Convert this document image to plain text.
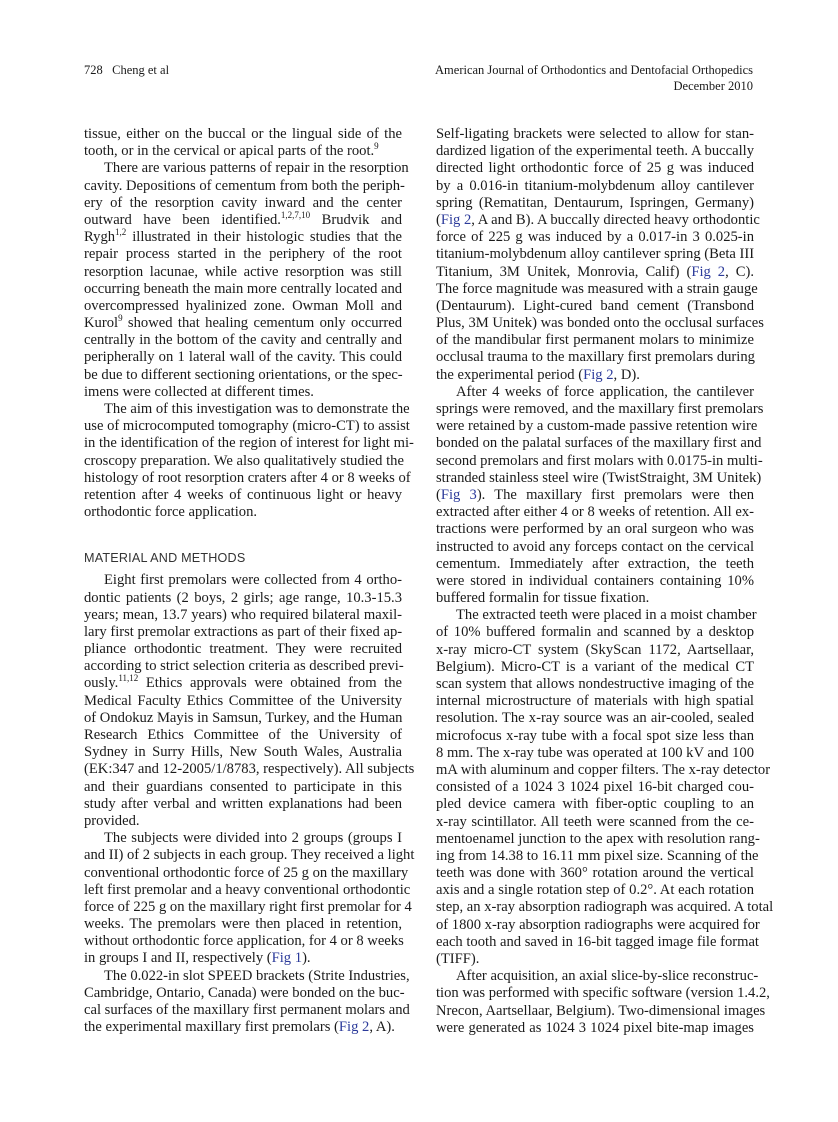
728 Cheng et al	American Journal of Orthodontics and Dentofacial Orthopedics
December 2010
tissue, either on the buccal or the lingual side of the
tooth, or in the cervical or apical parts of the root.$^9$
There are various patterns of repair in the resorption
cavity. Depositions of cementum from both the periph-
ery of the resorption cavity inward and the center
outward have been identified.$^{1,2,7,10}$ Brudvik and
Rygh$^{1,2}$ illustrated in their histologic studies that the
repair process started in the periphery of the root
resorption lacunae, while active resorption was still
occurring beneath the main more centrally located and
overcompressed hyalinized zone. Owman Moll and
Kurol$^9$ showed that healing cementum only occurred
centrally in the bottom of the cavity and centrally and
peripherally on 1 lateral wall of the cavity. This could
be due to different sectioning orientations, or the spec-
imens were collected at different times.
The aim of this investigation was to demonstrate the
use of microcomputed tomography (micro-CT) to assist
in the identification of the region of interest for light mi-
croscopy preparation. We also qualitatively studied the
histology of root resorption craters after 4 or 8 weeks of
retention after 4 weeks of continuous light or heavy
orthodontic force application.
MATERIAL AND METHODS
Eight first premolars were collected from 4 ortho-
dontic patients (2 boys, 2 girls; age range, 10.3-15.3
years; mean, 13.7 years) who required bilateral maxil-
lary first premolar extractions as part of their fixed ap-
pliance orthodontic treatment. They were recruited
according to strict selection criteria as described previ-
ously.$^{11,12}$ Ethics approvals were obtained from the
Medical Faculty Ethics Committee of the University
of Ondokuz Mayis in Samsun, Turkey, and the Human
Research Ethics Committee of the University of
Sydney in Surry Hills, New South Wales, Australia
(EK:347 and 12-2005/1/8783, respectively). All subjects
and their guardians consented to participate in this
study after verbal and written explanations had been
provided.
The subjects were divided into 2 groups (groups I
and II) of 2 subjects in each group. They received a light
conventional orthodontic force of 25 g on the maxillary
left first premolar and a heavy conventional orthodontic
force of 225 g on the maxillary right first premolar for 4
weeks. The premolars were then placed in retention,
without orthodontic force application, for 4 or 8 weeks
in groups I and II, respectively (Fig 1).
The 0.022-in slot SPEED brackets (Strite Industries,
Cambridge, Ontario, Canada) were bonded on the buc-
cal surfaces of the maxillary first permanent molars and
the experimental maxillary first premolars (Fig 2, A).
Self-ligating brackets were selected to allow for stan-
dardized ligation of the experimental teeth. A buccally
directed light orthodontic force of 25 g was induced
by a 0.016-in titanium-molybdenum alloy cantilever
spring (Rematitan, Dentaurum, Ispringen, Germany)
(Fig 2, A and B). A buccally directed heavy orthodontic
force of 225 g was induced by a 0.017-in 3 0.025-in
titanium-molybdenum alloy cantilever spring (Beta III
Titanium, 3M Unitek, Monrovia, Calif) (Fig 2, C).
The force magnitude was measured with a strain gauge
(Dentaurum). Light-cured band cement (Transbond
Plus, 3M Unitek) was bonded onto the occlusal surfaces
of the mandibular first permanent molars to minimize
occlusal trauma to the maxillary first premolars during
the experimental period (Fig 2, D).
After 4 weeks of force application, the cantilever
springs were removed, and the maxillary first premolars
were retained by a custom-made passive retention wire
bonded on the palatal surfaces of the maxillary first and
second premolars and first molars with 0.0175-in multi-
stranded stainless steel wire (TwistStraight, 3M Unitek)
(Fig 3). The maxillary first premolars were then
extracted after either 4 or 8 weeks of retention. All ex-
tractions were performed by an oral surgeon who was
instructed to avoid any forceps contact on the cervical
cementum. Immediately after extraction, the teeth
were stored in individual containers containing 10%
buffered formalin for tissue fixation.
The extracted teeth were placed in a moist chamber
of 10% buffered formalin and scanned by a desktop
x-ray micro-CT system (SkyScan 1172, Aartsellaar,
Belgium). Micro-CT is a variant of the medical CT
scan system that allows nondestructive imaging of the
internal microstructure of materials with high spatial
resolution. The x-ray source was an air-cooled, sealed
microfocus x-ray tube with a focal spot size less than
8 mm. The x-ray tube was operated at 100 kV and 100
mA with aluminum and copper filters. The x-ray detector
consisted of a 1024 3 1024 pixel 16-bit charged cou-
pled device camera with fiber-optic coupling to an
x-ray scintillator. All teeth were scanned from the ce-
mentoenamel junction to the apex with resolution rang-
ing from 14.38 to 16.11 mm pixel size. Scanning of the
teeth was done with 360° rotation around the vertical
axis and a single rotation step of 0.2°. At each rotation
step, an x-ray absorption radiograph was acquired. A total
of 1800 x-ray absorption radiographs were acquired for
each tooth and saved in 16-bit tagged image file format
(TIFF).
After acquisition, an axial slice-by-slice reconstruc-
tion was performed with specific software (version 1.4.2,
Nrecon, Aartsellaar, Belgium). Two-dimensional images
were generated as 1024 3 1024 pixel bite-map images
